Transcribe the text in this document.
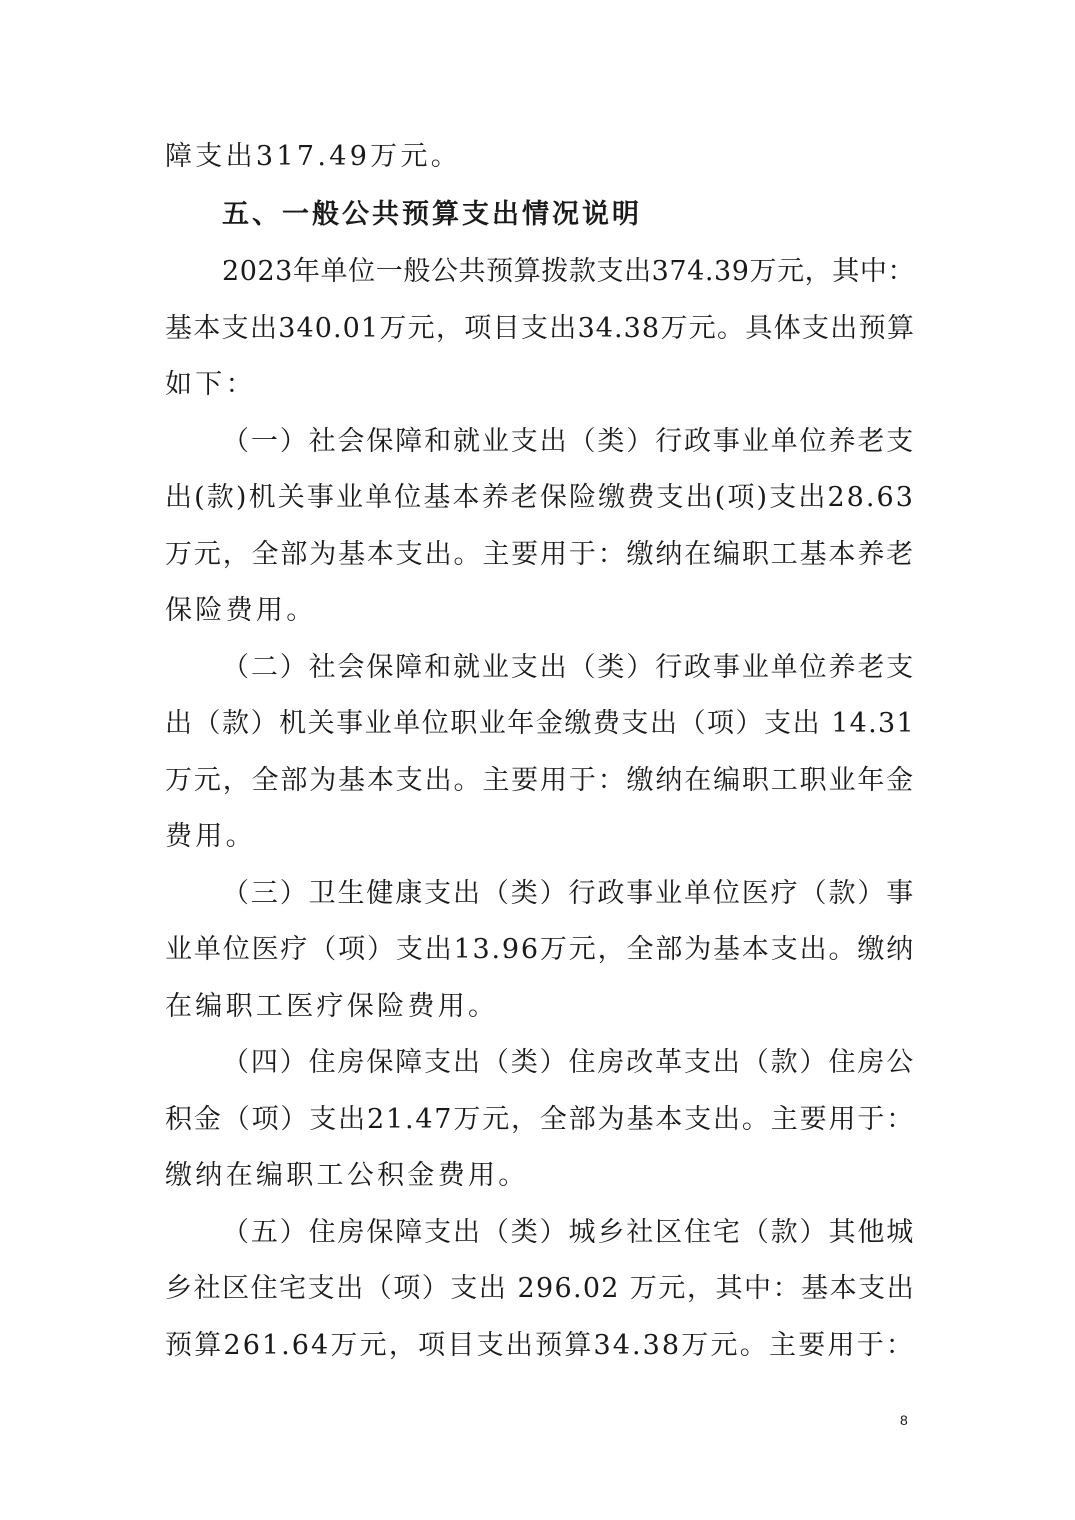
障支出317.49万元。
五、一般公共预算支出情况说明
2023年单位一般公共预算拨款支出374.39万元，其中：
基本支出340.01万元，项目支出34.38万元。具体支出预算
如下：
（一）社会保障和就业支出（类）行政事业单位养老支
出(款)机关事业单位基本养老保险缴费支出(项)支出28.63
万元，全部为基本支出。主要用于：缴纳在编职工基本养老
保险费用。
（二）社会保障和就业支出（类）行政事业单位养老支
出（款）机关事业单位职业年金缴费支出（项）支出 14.31
万元，全部为基本支出。主要用于：缴纳在编职工职业年金
费用。
（三）卫生健康支出（类）行政事业单位医疗（款）事
业单位医疗（项）支出13.96万元，全部为基本支出。缴纳
在编职工医疗保险费用。
（四）住房保障支出（类）住房改革支出（款）住房公
积金（项）支出21.47万元，全部为基本支出。主要用于：
缴纳在编职工公积金费用。
（五）住房保障支出（类）城乡社区住宅（款）其他城
乡社区住宅支出（项）支出 296.02 万元，其中：基本支出
预算261.64万元，项目支出预算34.38万元。主要用于：
8
